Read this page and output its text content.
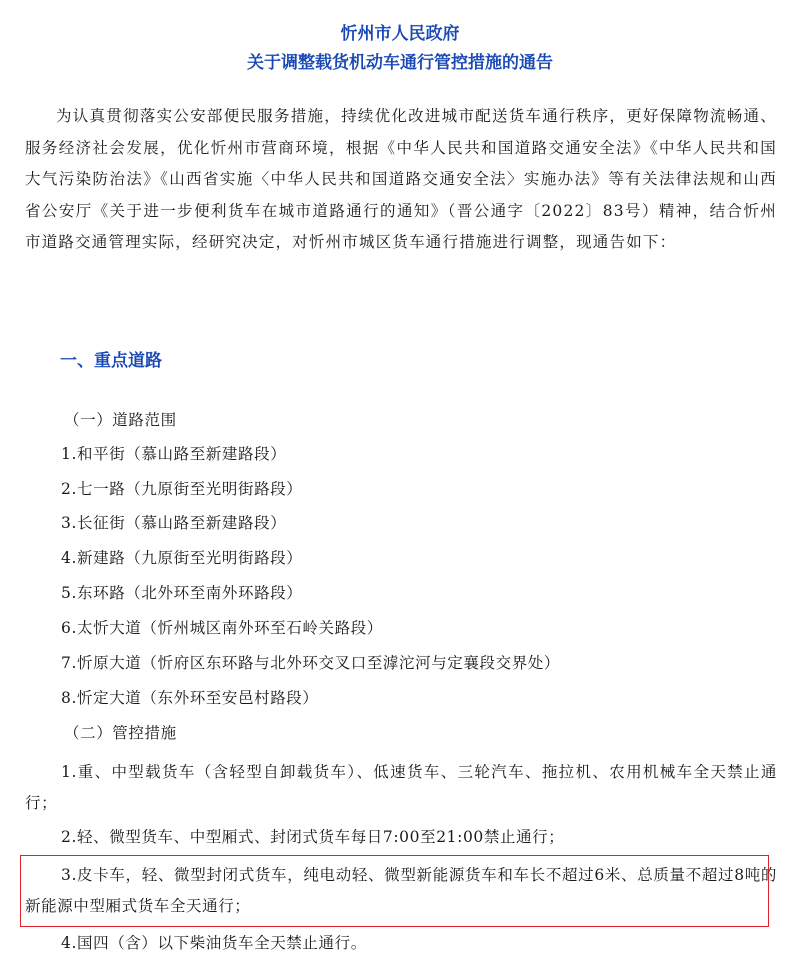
忻州市人民政府
关于调整载货机动车通行管控措施的通告

为认真贯彻落实公安部便民服务措施，持续优化改进城市配送货车通行秩序，更好保障物流畅通、服务经济社会发展，优化忻州市营商环境，根据《中华人民共和国道路交通安全法》《中华人民共和国大气污染防治法》《山西省实施〈中华人民共和国道路交通安全法〉实施办法》等有关法律法规和山西省公安厅《关于进一步便利货车在城市道路通行的通知》（晋公通字〔2022〕83号）精神，结合忻州市道路交通管理实际，经研究决定，对忻州市城区货车通行措施进行调整，现通告如下：

一、重点道路

（一）道路范围

1.和平街（慕山路至新建路段）

2.七一路（九原街至光明街路段）

3.长征街（慕山路至新建路段）

4.新建路（九原街至光明街路段）

5.东环路（北外环至南外环路段）

6.太忻大道（忻州城区南外环至石岭关路段）

7.忻原大道（忻府区东环路与北外环交叉口至滹沱河与定襄段交界处）

8.忻定大道（东外环至安邑村路段）

（二）管控措施

1.重、中型载货车（含轻型自卸载货车）、低速货车、三轮汽车、拖拉机、农用机械车全天禁止通行；

2.轻、微型货车、中型厢式、封闭式货车每日7:00至21:00禁止通行；

3.皮卡车，轻、微型封闭式货车，纯电动轻、微型新能源货车和车长不超过6米、总质量不超过8吨的新能源中型厢式货车全天通行；

4.国四（含）以下柴油货车全天禁止通行。
